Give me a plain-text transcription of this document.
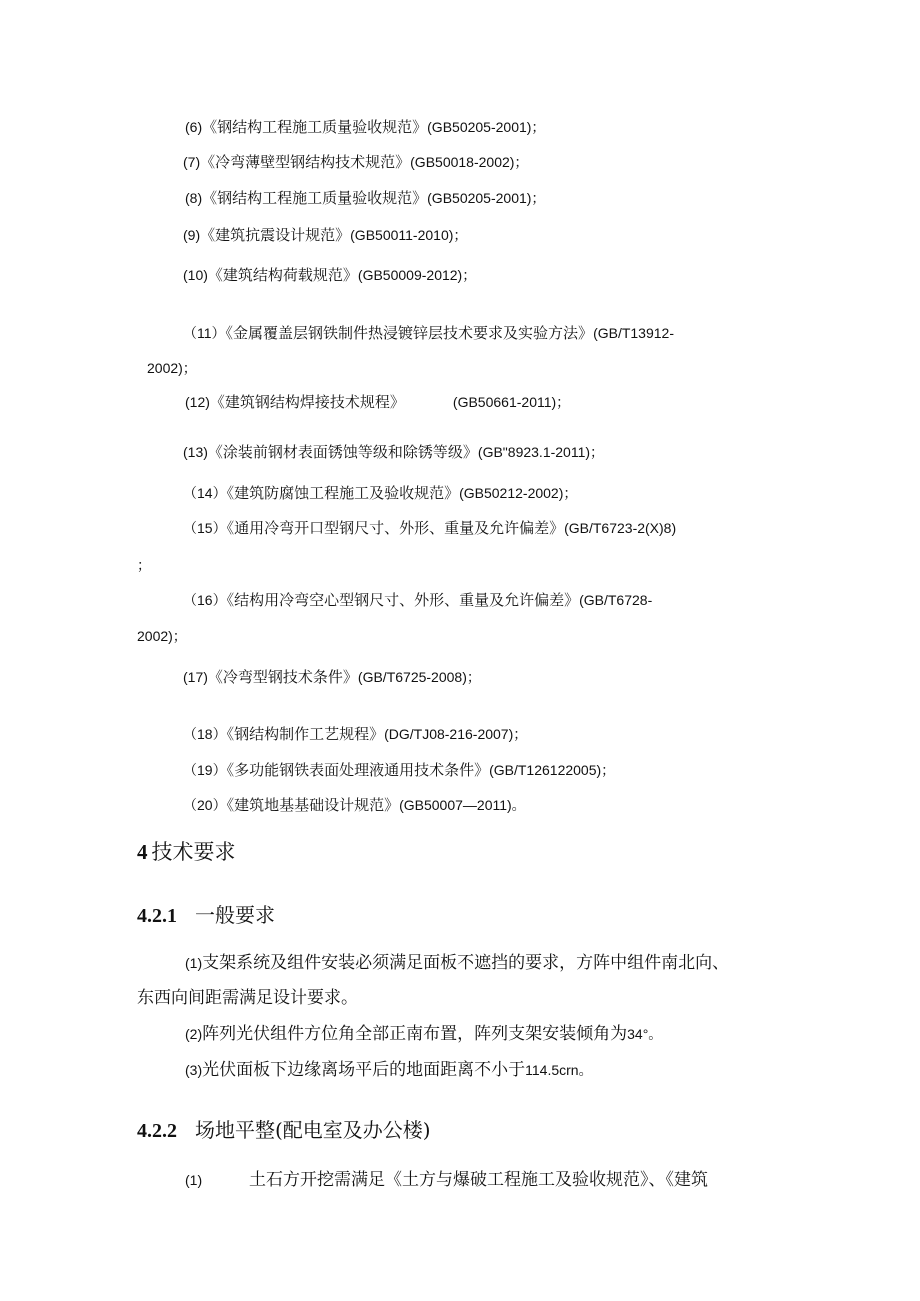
(6)《钢结构工程施工质量验收规范》(GB50205-2001)；
(7)《冷弯薄壁型钢结构技术规范》(GB50018-2002)；
(8)《钢结构工程施工质量验收规范》(GB50205-2001)；
(9)《建筑抗震设计规范》(GB50011-2010)；
(10)《建筑结构荷载规范》(GB50009-2012)；
（11）《金属覆盖层钢铁制件热浸镀锌层技术要求及实验方法》(GB/T13912-
2002)；
(12)《建筑钢结构焊接技术规程》	(GB50661-2011)；
(13)《涂装前钢材表面锈蚀等级和除锈等级》(GB"8923.1-2011)；
（14）《建筑防腐蚀工程施工及验收规范》(GB50212-2002)；
（15）《通用冷弯开口型钢尺寸、外形、重量及允许偏差》(GB/T6723-2(X)8)
；
（16）《结构用冷弯空心型钢尺寸、外形、重量及允许偏差》(GB/T6728-
2002)；
(17)《冷弯型钢技术条件》(GB/T6725-2008)；
（18）《钢结构制作工艺规程》(DG/TJ08-216-2007)；
（19）《多功能钢铁表面处理液通用技术条件》(GB/T126122005)；
（20）《建筑地基基础设计规范》(GB50007—2011)。
4 技术要求
4.2.1 一般要求
(1)支架系统及组件安装必须满足面板不遮挡的要求，方阵中组件南北向、
东西向间距需满足设计要求。
(2)阵列光伏组件方位角全部正南布置，阵列支架安装倾角为34°。
(3)光伏面板下边缘离场平后的地面距离不小于114.5crn。
4.2.2 场地平整(配电室及办公楼)
(1)	土石方开挖需满足《土方与爆破工程施工及验收规范》、《建筑
